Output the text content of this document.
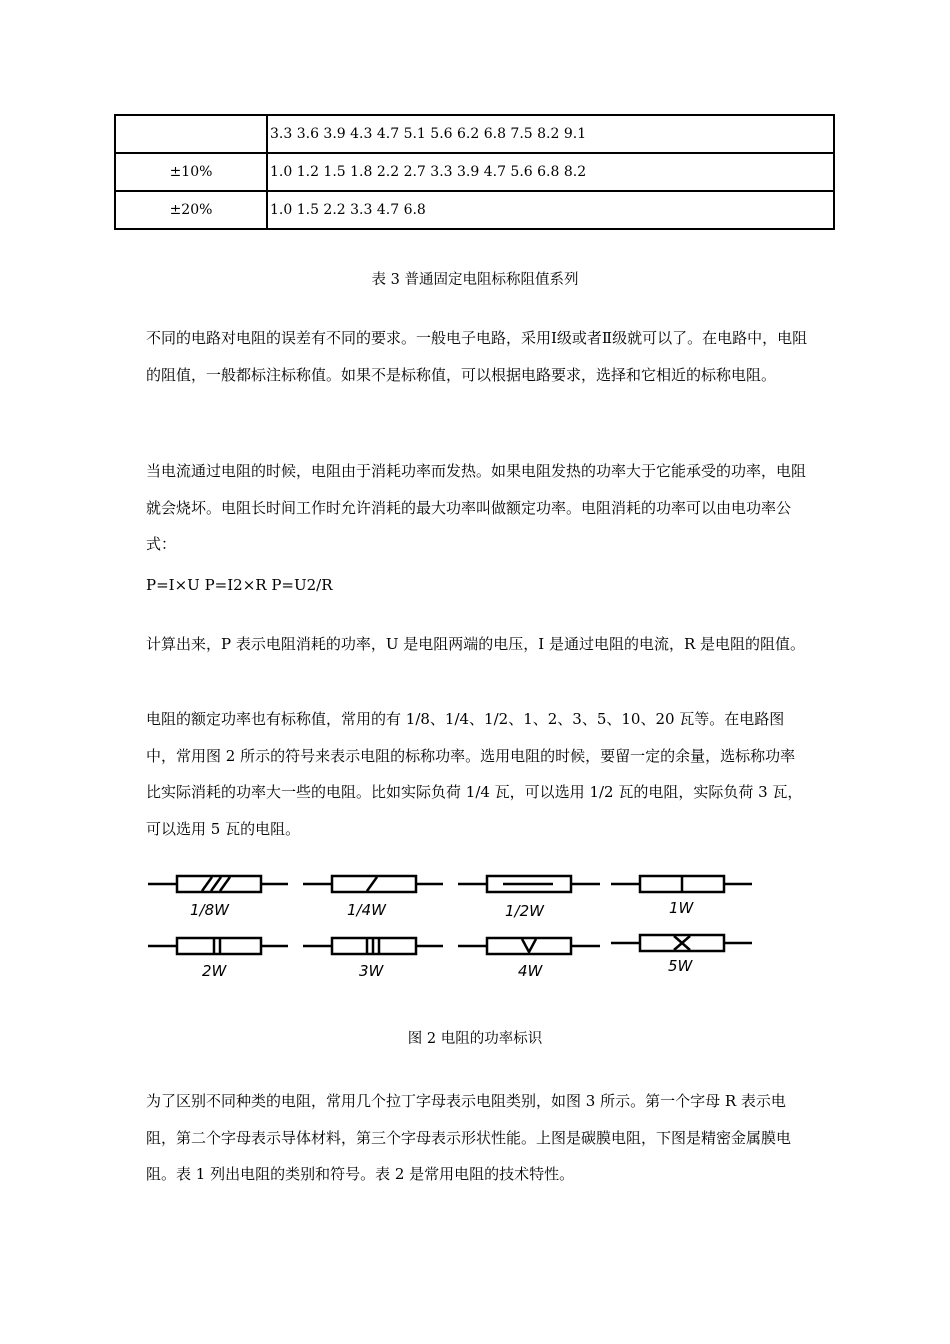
	3.3 3.6 3.9 4.3 4.7 5.1 5.6 6.2 6.8 7.5 8.2 9.1
±10%	1.0 1.2 1.5 1.8 2.2 2.7 3.3 3.9 4.7 5.6 6.8 8.2
±20%	1.0 1.5 2.2 3.3 4.7 6.8
表 3 普通固定电阻标称阻值系列
不同的电路对电阻的误差有不同的要求。一般电子电路，采用Ⅰ级或者Ⅱ级就可以了。在电路中，电阻的阻值，一般都标注标称值。如果不是标称值，可以根据电路要求，选择和它相近的标称电阻。
当电流通过电阻的时候，电阻由于消耗功率而发热。如果电阻发热的功率大于它能承受的功率，电阻就会烧坏。电阻长时间工作时允许消耗的最大功率叫做额定功率。电阻消耗的功率可以由电功率公式：
P=I×U P=I2×R P=U2/R
计算出来，P 表示电阻消耗的功率，U 是电阻两端的电压，I 是通过电阻的电流，R 是电阻的阻值。
电阻的额定功率也有标称值，常用的有 1/8、1/4、1/2、1、2、3、5、10、20 瓦等。在电路图中，常用图 2 所示的符号来表示电阻的标称功率。选用电阻的时候，要留一定的余量，选标称功率比实际消耗的功率大一些的电阻。比如实际负荷 1/4 瓦，可以选用 1/2 瓦的电阻，实际负荷 3 瓦，可以选用 5 瓦的电阻。
1/8W	1/4W	1/2W	1W
2W	3W	4W	5W
图 2 电阻的功率标识
为了区别不同种类的电阻，常用几个拉丁字母表示电阻类别，如图 3 所示。第一个字母 R 表示电阻，第二个字母表示导体材料，第三个字母表示形状性能。上图是碳膜电阻，下图是精密金属膜电阻。表 1 列出电阻的类别和符号。表 2 是常用电阻的技术特性。
